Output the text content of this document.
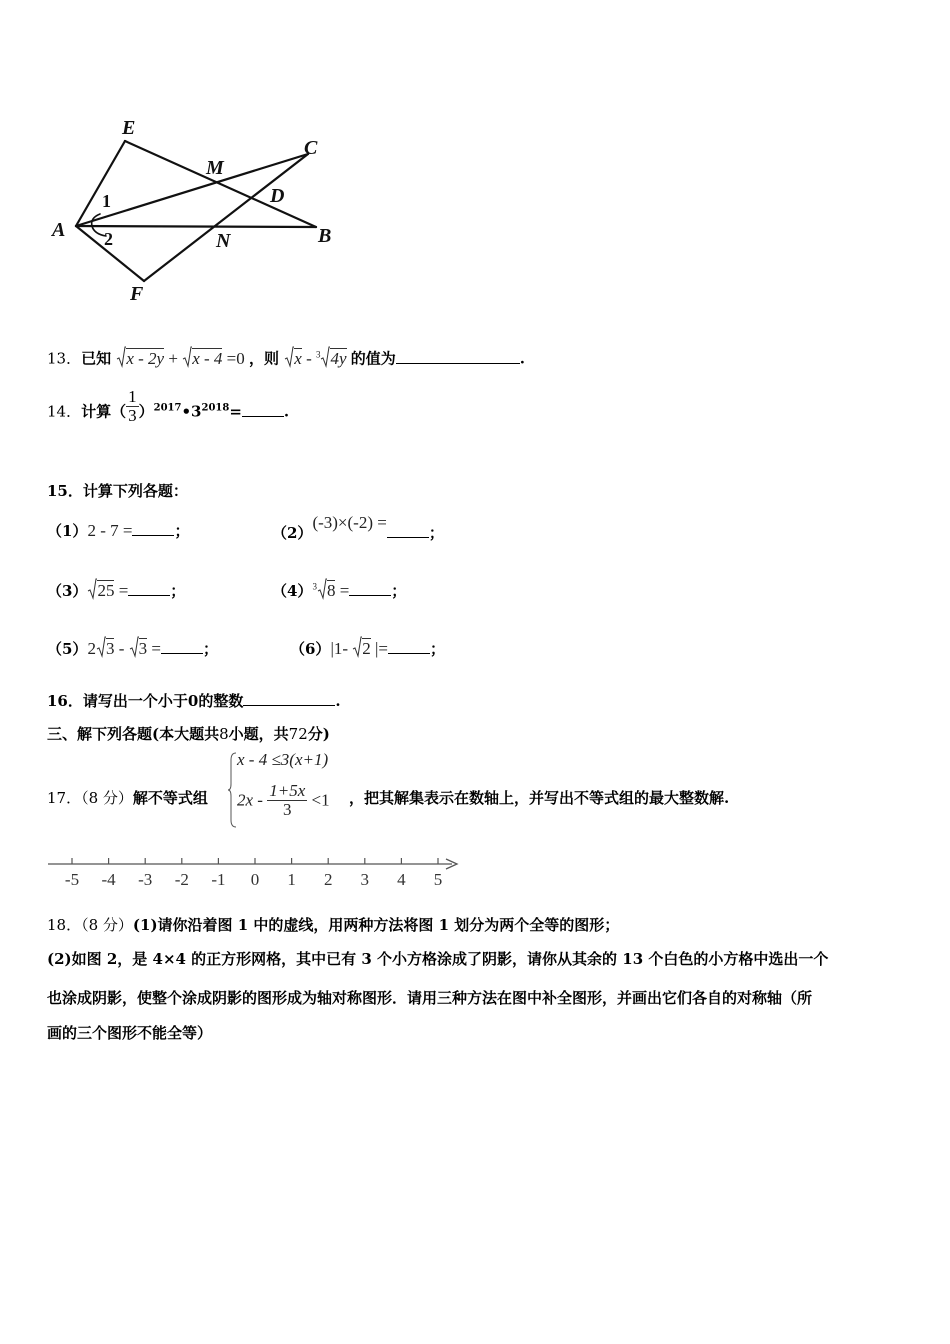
E
C
M
D
A	B
N
F
1
2
13．已知 x - 2y + x - 4 =0 ，则 x - $^3$ 4y 的值为	.
14．计算（ $\frac{1}{3}$ ）$^{2017}•3^{2018}=$	.
15．计算下列各题：
（1）2 - 7 =	；	（2）(-3)×(-2) =；
（3） 25 =	；	$(4)^3$ 8 =	；
（5）2 3 - 3 =	；	（6）|1- 2 |=	；
16．请写出一个小于0的整数	.
三、解下列各题(本大题共8小题，共72分)
17．（8 分）解不等式组
x - 4 ≤3(x+1)
$2x - \frac{1+5x}{3} <1$ ，把其解集表示在数轴上，并写出不等式组的最大整数解.
-5 -4 -3 -2 -1 0 1 2 3 4 5
18．（8 分）(1)请你沿着图 1 中的虚线，用两种方法将图 1 划分为两个全等的图形；
(2)如图 2，是 4×4 的正方形网格，其中已有 3 个小方格涂成了阴影，请你从其余的 13 个白色的小方格中选出一个
也涂成阴影，使整个涂成阴影的图形成为轴对称图形．请用三种方法在图中补全图形，并画出它们各自的对称轴（所
画的三个图形不能全等）
